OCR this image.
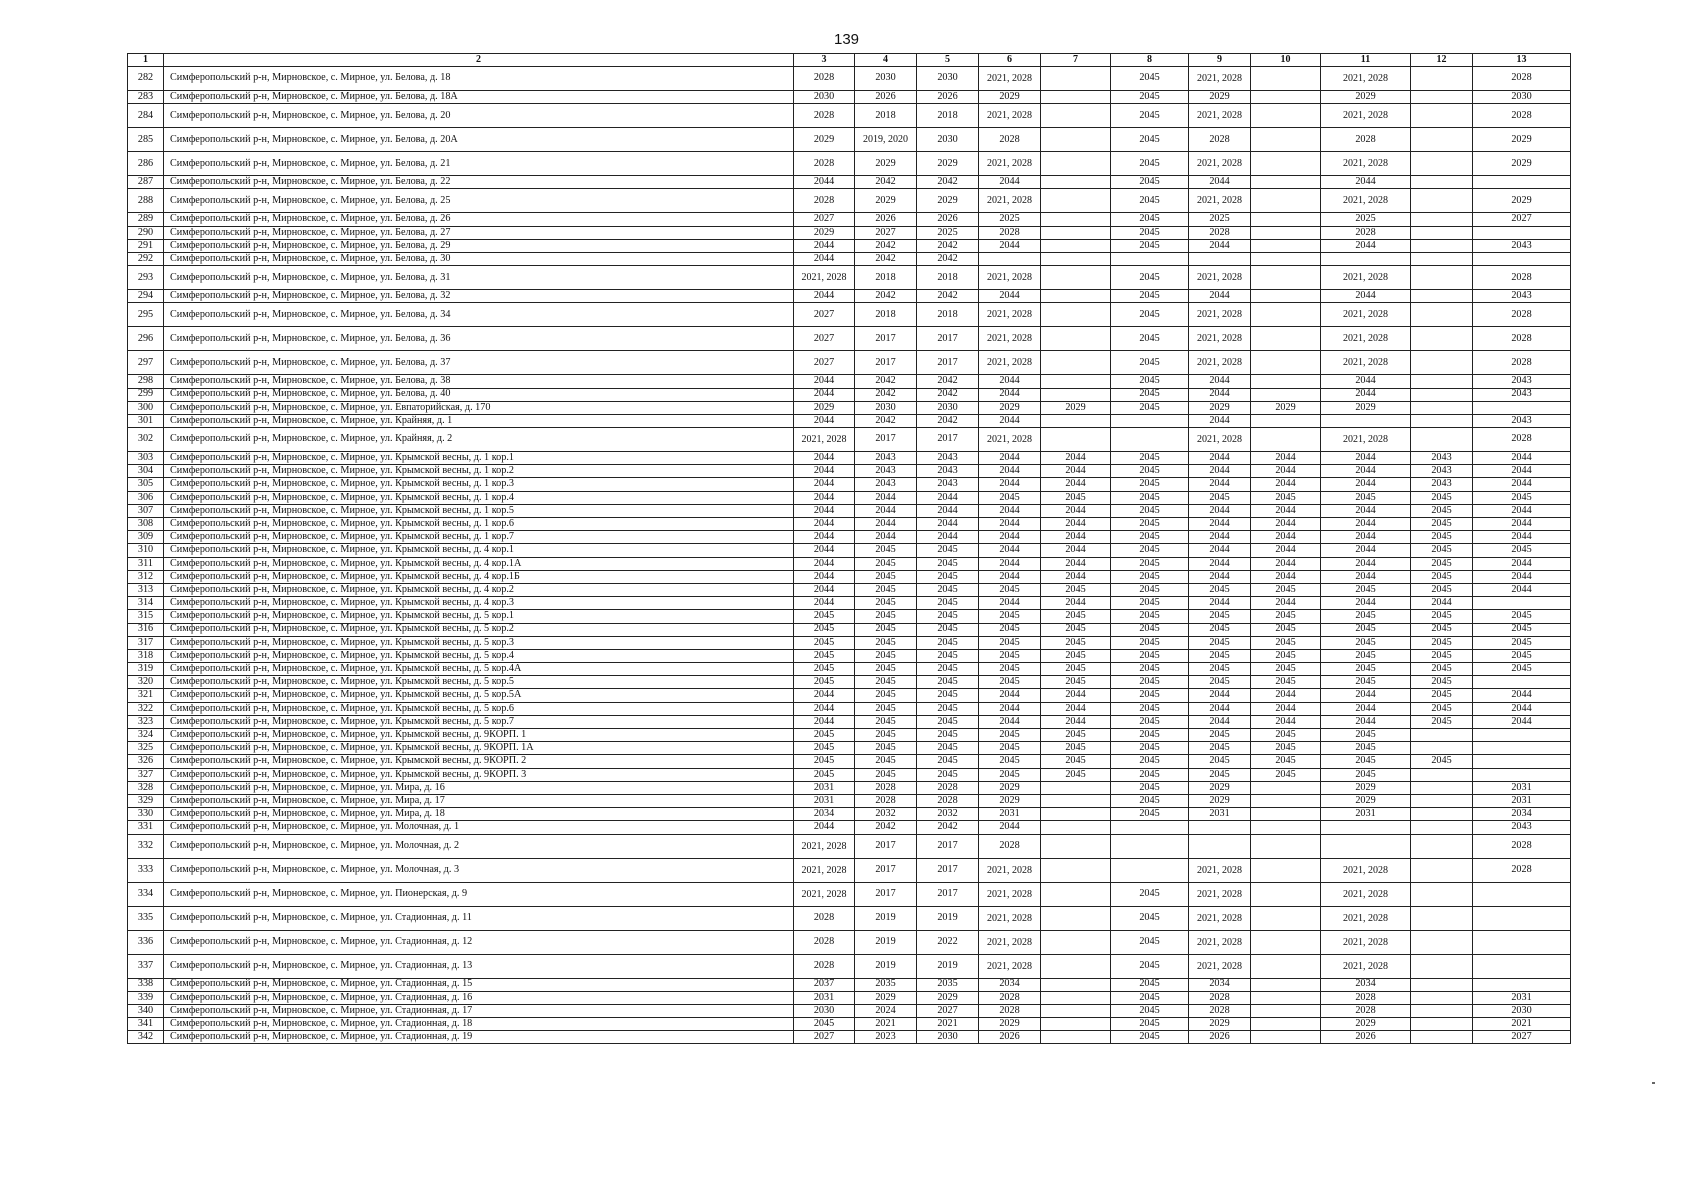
139
1	2	3	4	5	6	7	8	9	10	11	12	13
282	Симферопольский р-н, Мирновское, с. Мирное, ул. Белова, д. 18	2028	2030	2030	2021, 2028		2045	2021, 2028		2021, 2028		2028
283	Симферопольский р-н, Мирновское, с. Мирное, ул. Белова, д. 18А	2030	2026	2026	2029		2045	2029		2029		2030
284	Симферопольский р-н, Мирновское, с. Мирное, ул. Белова, д. 20	2028	2018	2018	2021, 2028		2045	2021, 2028		2021, 2028		2028
285	Симферопольский р-н, Мирновское, с. Мирное, ул. Белова, д. 20А	2029	2019, 2020	2030	2028		2045	2028		2028		2029
286	Симферопольский р-н, Мирновское, с. Мирное, ул. Белова, д. 21	2028	2029	2029	2021, 2028		2045	2021, 2028		2021, 2028		2029
287	Симферопольский р-н, Мирновское, с. Мирное, ул. Белова, д. 22	2044	2042	2042	2044		2045	2044		2044		
288	Симферопольский р-н, Мирновское, с. Мирное, ул. Белова, д. 25	2028	2029	2029	2021, 2028		2045	2021, 2028		2021, 2028		2029
289	Симферопольский р-н, Мирновское, с. Мирное, ул. Белова, д. 26	2027	2026	2026	2025		2045	2025		2025		2027
290	Симферопольский р-н, Мирновское, с. Мирное, ул. Белова, д. 27	2029	2027	2025	2028		2045	2028		2028		
291	Симферопольский р-н, Мирновское, с. Мирное, ул. Белова, д. 29	2044	2042	2042	2044		2045	2044		2044		2043
292	Симферопольский р-н, Мирновское, с. Мирное, ул. Белова, д. 30	2044	2042	2042								
293	Симферопольский р-н, Мирновское, с. Мирное, ул. Белова, д. 31	2021, 2028	2018	2018	2021, 2028		2045	2021, 2028		2021, 2028		2028
294	Симферопольский р-н, Мирновское, с. Мирное, ул. Белова, д. 32	2044	2042	2042	2044		2045	2044		2044		2043
295	Симферопольский р-н, Мирновское, с. Мирное, ул. Белова, д. 34	2027	2018	2018	2021, 2028		2045	2021, 2028		2021, 2028		2028
296	Симферопольский р-н, Мирновское, с. Мирное, ул. Белова, д. 36	2027	2017	2017	2021, 2028		2045	2021, 2028		2021, 2028		2028
297	Симферопольский р-н, Мирновское, с. Мирное, ул. Белова, д. 37	2027	2017	2017	2021, 2028		2045	2021, 2028		2021, 2028		2028
298	Симферопольский р-н, Мирновское, с. Мирное, ул. Белова, д. 38	2044	2042	2042	2044		2045	2044		2044		2043
299	Симферопольский р-н, Мирновское, с. Мирное, ул. Белова, д. 40	2044	2042	2042	2044		2045	2044		2044		2043
300	Симферопольский р-н, Мирновское, с. Мирное, ул. Евпаторийская, д. 170	2029	2030	2030	2029	2029	2045	2029	2029	2029		
301	Симферопольский р-н, Мирновское, с. Мирное, ул. Крайняя, д. 1	2044	2042	2042	2044			2044				2043
302	Симферопольский р-н, Мирновское, с. Мирное, ул. Крайняя, д. 2	2021, 2028	2017	2017	2021, 2028			2021, 2028		2021, 2028		2028
303	Симферопольский р-н, Мирновское, с. Мирное, ул. Крымской весны, д. 1 кор.1	2044	2043	2043	2044	2044	2045	2044	2044	2044	2043	2044
304	Симферопольский р-н, Мирновское, с. Мирное, ул. Крымской весны, д. 1 кор.2	2044	2043	2043	2044	2044	2045	2044	2044	2044	2043	2044
305	Симферопольский р-н, Мирновское, с. Мирное, ул. Крымской весны, д. 1 кор.3	2044	2043	2043	2044	2044	2045	2044	2044	2044	2043	2044
306	Симферопольский р-н, Мирновское, с. Мирное, ул. Крымской весны, д. 1 кор.4	2044	2044	2044	2045	2045	2045	2045	2045	2045	2045	2045
307	Симферопольский р-н, Мирновское, с. Мирное, ул. Крымской весны, д. 1 кор.5	2044	2044	2044	2044	2044	2045	2044	2044	2044	2045	2044
308	Симферопольский р-н, Мирновское, с. Мирное, ул. Крымской весны, д. 1 кор.6	2044	2044	2044	2044	2044	2045	2044	2044	2044	2045	2044
309	Симферопольский р-н, Мирновское, с. Мирное, ул. Крымской весны, д. 1 кор.7	2044	2044	2044	2044	2044	2045	2044	2044	2044	2045	2044
310	Симферопольский р-н, Мирновское, с. Мирное, ул. Крымской весны, д. 4 кор.1	2044	2045	2045	2044	2044	2045	2044	2044	2044	2045	2045
311	Симферопольский р-н, Мирновское, с. Мирное, ул. Крымской весны, д. 4 кор.1А	2044	2045	2045	2044	2044	2045	2044	2044	2044	2045	2044
312	Симферопольский р-н, Мирновское, с. Мирное, ул. Крымской весны, д. 4 кор.1Б	2044	2045	2045	2044	2044	2045	2044	2044	2044	2045	2044
313	Симферопольский р-н, Мирновское, с. Мирное, ул. Крымской весны, д. 4 кор.2	2044	2045	2045	2045	2045	2045	2045	2045	2045	2045	2044
314	Симферопольский р-н, Мирновское, с. Мирное, ул. Крымской весны, д. 4 кор.3	2044	2045	2045	2044	2044	2045	2044	2044	2044	2044	
315	Симферопольский р-н, Мирновское, с. Мирное, ул. Крымской весны, д. 5 кор.1	2045	2045	2045	2045	2045	2045	2045	2045	2045	2045	2045
316	Симферопольский р-н, Мирновское, с. Мирное, ул. Крымской весны, д. 5 кор.2	2045	2045	2045	2045	2045	2045	2045	2045	2045	2045	2045
317	Симферопольский р-н, Мирновское, с. Мирное, ул. Крымской весны, д. 5 кор.3	2045	2045	2045	2045	2045	2045	2045	2045	2045	2045	2045
318	Симферопольский р-н, Мирновское, с. Мирное, ул. Крымской весны, д. 5 кор.4	2045	2045	2045	2045	2045	2045	2045	2045	2045	2045	2045
319	Симферопольский р-н, Мирновское, с. Мирное, ул. Крымской весны, д. 5 кор.4А	2045	2045	2045	2045	2045	2045	2045	2045	2045	2045	2045
320	Симферопольский р-н, Мирновское, с. Мирное, ул. Крымской весны, д. 5 кор.5	2045	2045	2045	2045	2045	2045	2045	2045	2045	2045	
321	Симферопольский р-н, Мирновское, с. Мирное, ул. Крымской весны, д. 5 кор.5А	2044	2045	2045	2044	2044	2045	2044	2044	2044	2045	2044
322	Симферопольский р-н, Мирновское, с. Мирное, ул. Крымской весны, д. 5 кор.6	2044	2045	2045	2044	2044	2045	2044	2044	2044	2045	2044
323	Симферопольский р-н, Мирновское, с. Мирное, ул. Крымской весны, д. 5 кор.7	2044	2045	2045	2044	2044	2045	2044	2044	2044	2045	2044
324	Симферопольский р-н, Мирновское, с. Мирное, ул. Крымской весны, д. 9КОРП. 1	2045	2045	2045	2045	2045	2045	2045	2045	2045		
325	Симферопольский р-н, Мирновское, с. Мирное, ул. Крымской весны, д. 9КОРП. 1А	2045	2045	2045	2045	2045	2045	2045	2045	2045		
326	Симферопольский р-н, Мирновское, с. Мирное, ул. Крымской весны, д. 9КОРП. 2	2045	2045	2045	2045	2045	2045	2045	2045	2045	2045	
327	Симферопольский р-н, Мирновское, с. Мирное, ул. Крымской весны, д. 9КОРП. 3	2045	2045	2045	2045	2045	2045	2045	2045	2045		
328	Симферопольский р-н, Мирновское, с. Мирное, ул. Мира, д. 16	2031	2028	2028	2029		2045	2029		2029		2031
329	Симферопольский р-н, Мирновское, с. Мирное, ул. Мира, д. 17	2031	2028	2028	2029		2045	2029		2029		2031
330	Симферопольский р-н, Мирновское, с. Мирное, ул. Мира, д. 18	2034	2032	2032	2031		2045	2031		2031		2034
331	Симферопольский р-н, Мирновское, с. Мирное, ул. Молочная, д. 1	2044	2042	2042	2044							2043
332	Симферопольский р-н, Мирновское, с. Мирное, ул. Молочная, д. 2	2021, 2028	2017	2017	2028							2028
333	Симферопольский р-н, Мирновское, с. Мирное, ул. Молочная, д. 3	2021, 2028	2017	2017	2021, 2028			2021, 2028		2021, 2028		2028
334	Симферопольский р-н, Мирновское, с. Мирное, ул. Пионерская, д. 9	2021, 2028	2017	2017	2021, 2028		2045	2021, 2028		2021, 2028		
335	Симферопольский р-н, Мирновское, с. Мирное, ул. Стадионная, д. 11	2028	2019	2019	2021, 2028		2045	2021, 2028		2021, 2028		
336	Симферопольский р-н, Мирновское, с. Мирное, ул. Стадионная, д. 12	2028	2019	2022	2021, 2028		2045	2021, 2028		2021, 2028		
337	Симферопольский р-н, Мирновское, с. Мирное, ул. Стадионная, д. 13	2028	2019	2019	2021, 2028		2045	2021, 2028		2021, 2028		
338	Симферопольский р-н, Мирновское, с. Мирное, ул. Стадионная, д. 15	2037	2035	2035	2034		2045	2034		2034		
339	Симферопольский р-н, Мирновское, с. Мирное, ул. Стадионная, д. 16	2031	2029	2029	2028		2045	2028		2028		2031
340	Симферопольский р-н, Мирновское, с. Мирное, ул. Стадионная, д. 17	2030	2024	2027	2028		2045	2028		2028		2030
341	Симферопольский р-н, Мирновское, с. Мирное, ул. Стадионная, д. 18	2045	2021	2021	2029		2045	2029		2029		2021
342	Симферопольский р-н, Мирновское, с. Мирное, ул. Стадионная, д. 19	2027	2023	2030	2026		2045	2026		2026		2027
